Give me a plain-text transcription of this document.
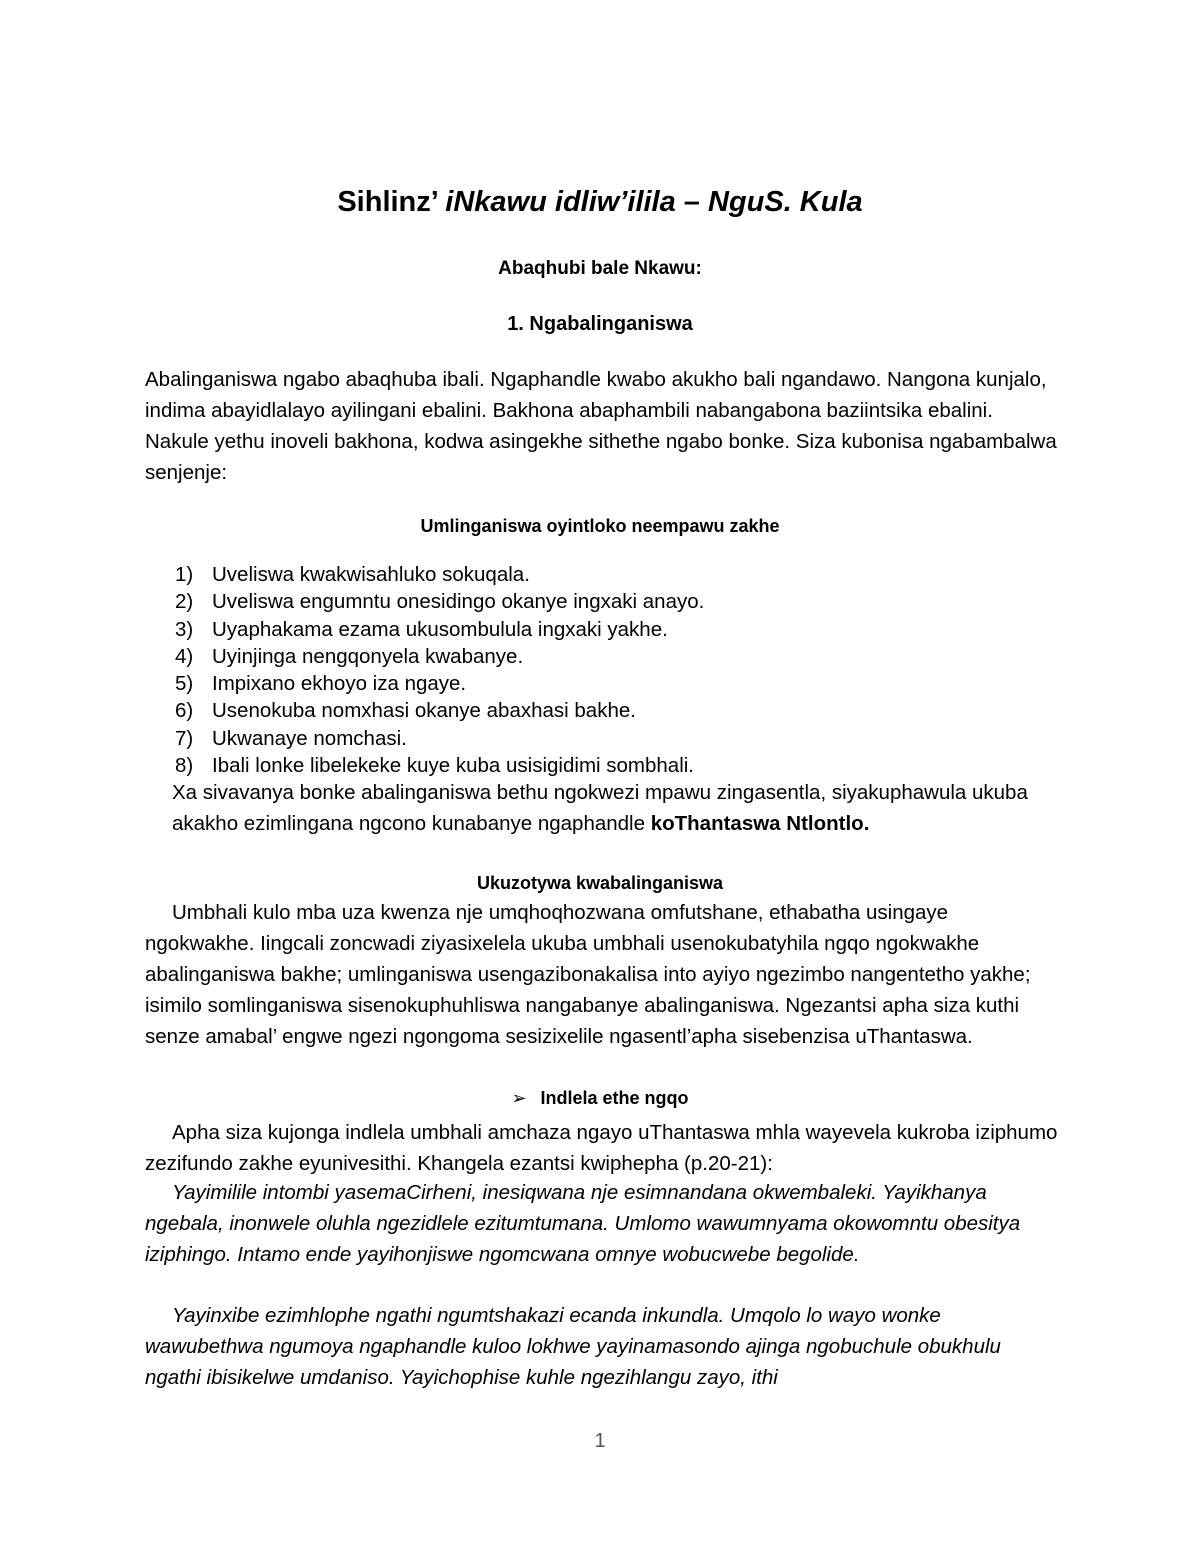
Sihlinz’ iNkawu idliw’ilila – NguS. Kula

Abaqhubi bale Nkawu:

1. Ngabalinganiswa

Abalinganiswa ngabo abaqhuba ibali. Ngaphandle kwabo akukho bali ngandawo. Nangona kunjalo, indima abayidlalayo ayilingani ebalini. Bakhona abaphambili nabangabona baziintsika ebalini. Nakule yethu inoveli bakhona, kodwa asingekhe sithethe ngabo bonke. Siza kubonisa ngabambalwa senjenje:

Umlinganiswa oyintloko neempawu zakhe

1) Uveliswa kwakwisahluko sokuqala.
2) Uveliswa engumntu onesidingo okanye ingxaki anayo.
3) Uyaphakama ezama ukusombulula ingxaki yakhe.
4) Uyinjinga nengqonyela kwabanye.
5) Impixano ekhoyo iza ngaye.
6) Usenokuba nomxhasi okanye abaxhasi bakhe.
7) Ukwanaye nomchasi.
8) Ibali lonke libelekeke kuye kuba usisigidimi sombhali.

Xa sivavanya bonke abalinganiswa bethu ngokwezi mpawu zingasentla, siyakuphawula ukuba akakho ezimlingana ngcono kunabanye ngaphandle koThantaswa Ntlontlo.

Ukuzotywa kwabalinganiswa

Umbhali kulo mba uza kwenza nje umqhoqhozwana omfutshane, ethabatha usingaye ngokwakhe. Iingcali zoncwadi ziyasixelela ukuba umbhali usenokubatyhila ngqo ngokwakhe abalinganiswa bakhe; umlinganiswa usengazibonakalisa into ayiyo ngezimbo nangentetho yakhe; isimilo somlinganiswa sisenokuphuhliswa nangabanye abalinganiswa. Ngezantsi apha siza kuthi senze amabal’ engwe ngezi ngongoma sesizixelile ngasentl’apha sisebenzisa uThantaswa.

➢ Indlela ethe ngqo

Apha siza kujonga indlela umbhali amchaza ngayo uThantaswa mhla wayevela kukroba iziphumo zezifundo zakhe eyunivesithi. Khangela ezantsi kwiphepha (p.20-21):

Yayimilile intombi yasemaCirheni, inesiqwana nje esimnandana okwembaleki. Yayikhanya ngebala, inonwele oluhla ngezidlele ezitumtumana. Umlomo wawumnyama okowomntu obesitya iziphingo. Intamo ende yayihonjiswe ngomcwana omnye wobucwebe begolide.

Yayinxibe ezimhlophe ngathi ngumtshakazi ecanda inkundla. Umqolo lo wayo wonke wawubethwa ngumoya ngaphandle kuloo lokhwe yayinamasondo ajinga ngobuchule obukhulu ngathi ibisikelwe umdaniso. Yayichophise kuhle ngezihlangu zayo, ithi

1
